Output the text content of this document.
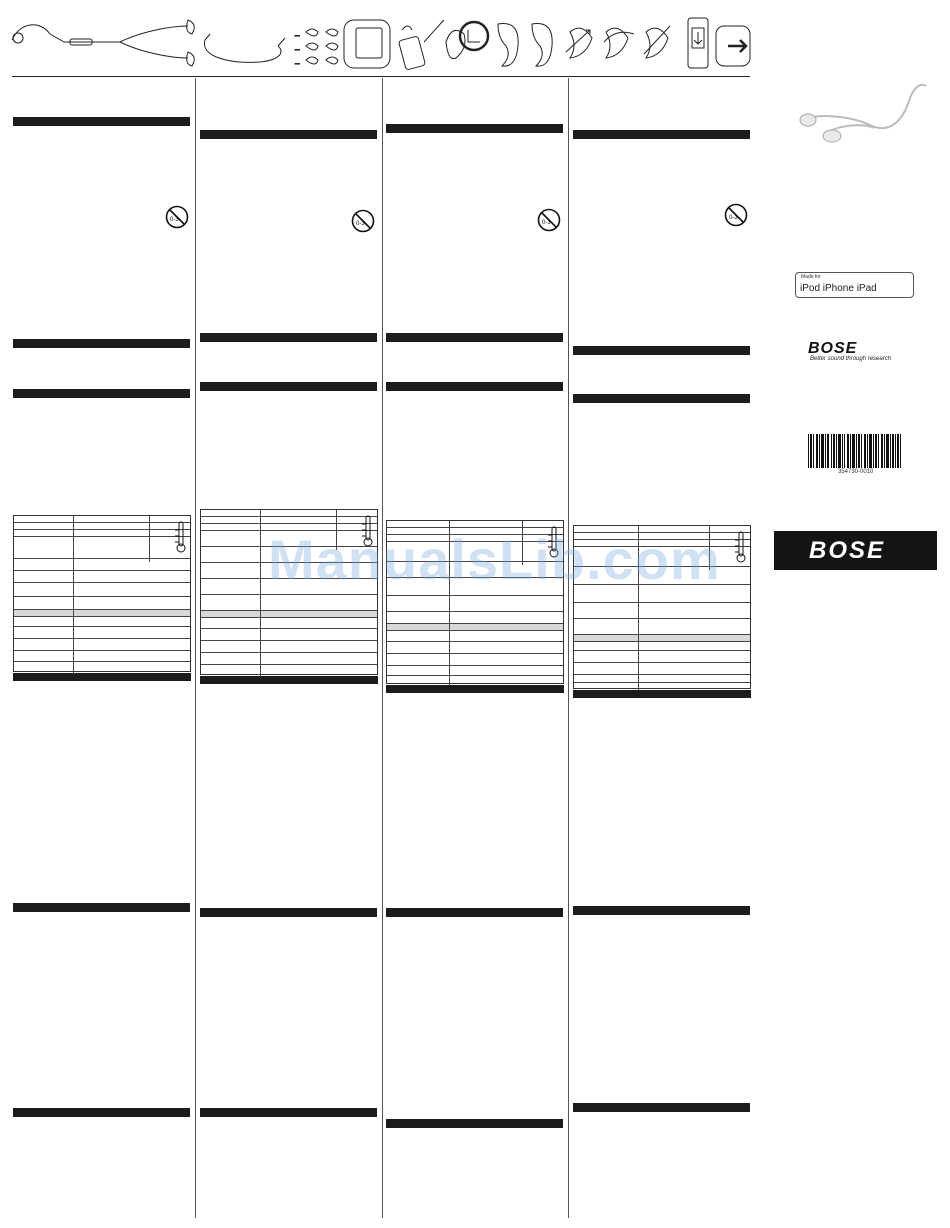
–
–
–
0-3
0-3	0-3
0-3
Made for
iPod iPhone iPad
BOSE
Better sound through research
354730-0010
BOSE
ManualsLib.com
